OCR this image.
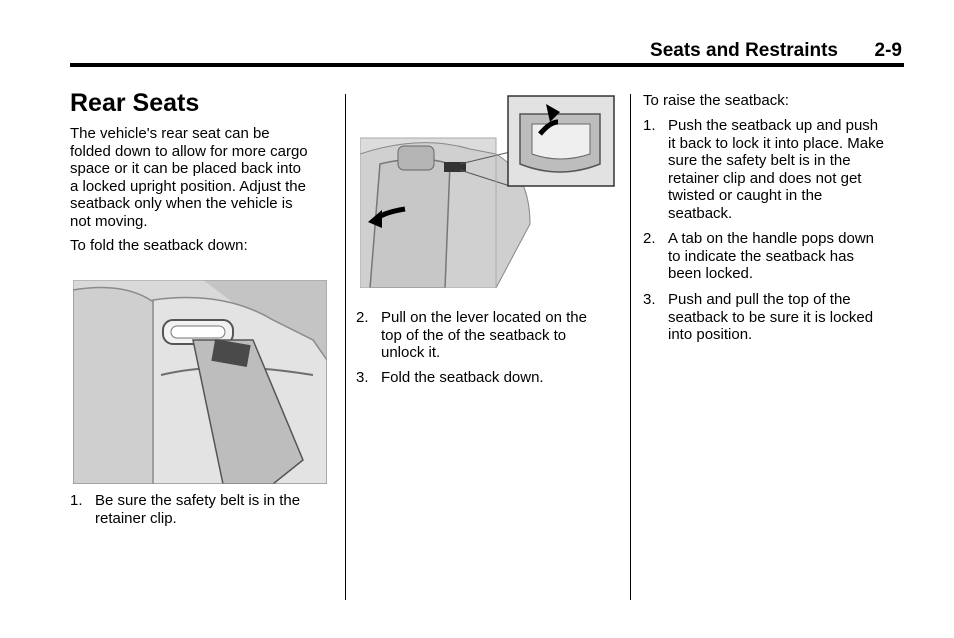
Seats and Restraints 2-9
Rear Seats

The vehicle's rear seat can be

folded down to allow for more cargo

space or it can be placed back into

a locked upright position. Adjust the

seatback only when the vehicle is

not moving.

To fold the seatback down:

1. Be sure the safety belt is in the

retainer clip.

2. Pull on the lever located on the

top of the of the seatback to

unlock it.

3. Fold the seatback down.

To raise the seatback:

1. Push the seatback up and push

it back to lock it into place. Make

sure the safety belt is in the

retainer clip and does not get

twisted or caught in the

seatback.

2. A tab on the handle pops down

to indicate the seatback has

been locked.

3. Push and pull the top of the

seatback to be sure it is locked

into position.
